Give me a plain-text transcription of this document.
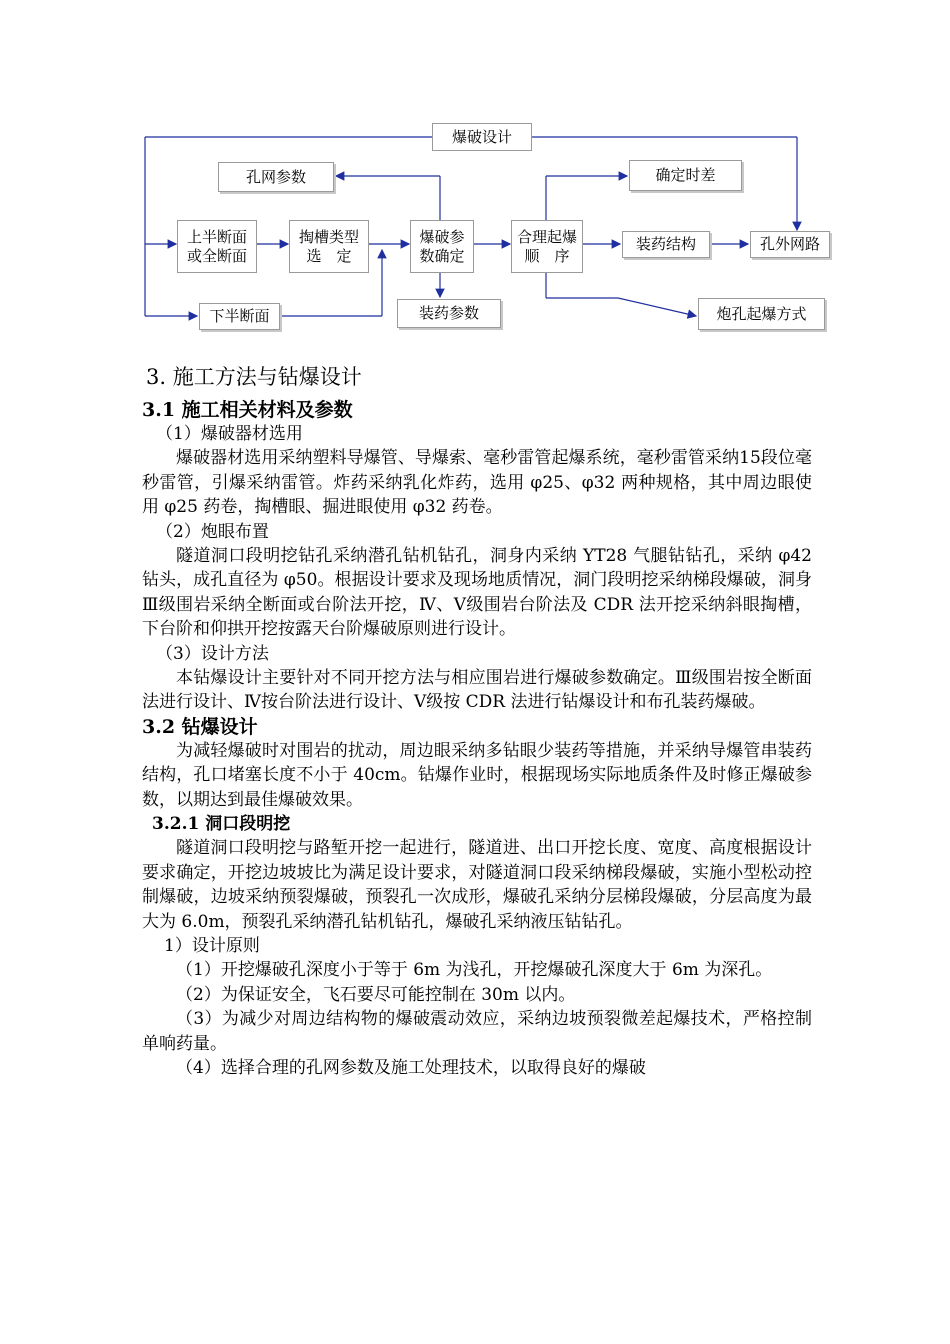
爆破设计
孔网参数
上半断面
或全断面
掏槽类型
选　定
爆破参
数确定
合理起爆
顺　序
确定时差
装药结构	孔外网路
下半断面	装药参数	炮孔起爆方式
3. 施工方法与钻爆设计
3.1 施工相关材料及参数
（1）爆破器材选用

爆破器材选用采纳塑料导爆管、导爆索、毫秒雷管起爆系统，毫秒雷管采纳15段位毫秒雷管，引爆采纳雷管。炸药采纳乳化炸药，选用 φ25、φ32 两种规格，其中周边眼使用 φ25 药卷，掏槽眼、掘进眼使用 φ32 药卷。

（2）炮眼布置

隧道洞口段明挖钻孔采纳潜孔钻机钻孔，洞身内采纳 YT28 气腿钻钻孔，采纳 φ42 钻头，成孔直径为 φ50。根据设计要求及现场地质情况，洞门段明挖采纳梯段爆破，洞身Ⅲ级围岩采纳全断面或台阶法开挖，Ⅳ、Ⅴ级围岩台阶法及 CDR 法开挖采纳斜眼掏槽，下台阶和仰拱开挖按露天台阶爆破原则进行设计。

（3）设计方法

本钻爆设计主要针对不同开挖方法与相应围岩进行爆破参数确定。Ⅲ级围岩按全断面法进行设计、Ⅳ按台阶法进行设计、Ⅴ级按 CDR 法进行钻爆设计和布孔装药爆破。

3.2 钻爆设计

为减轻爆破时对围岩的扰动，周边眼采纳多钻眼少装药等措施，并采纳导爆管串装药结构，孔口堵塞长度不小于 40cm。钻爆作业时，根据现场实际地质条件及时修正爆破参数，以期达到最佳爆破效果。

3.2.1 洞口段明挖

隧道洞口段明挖与路堑开挖一起进行，隧道进、出口开挖长度、宽度、高度根据设计要求确定，开挖边坡坡比为满足设计要求，对隧道洞口段采纳梯段爆破，实施小型松动控制爆破，边坡采纳预裂爆破，预裂孔一次成形，爆破孔采纳分层梯段爆破，分层高度为最大为 6.0m，预裂孔采纳潜孔钻机钻孔，爆破孔采纳液压钻钻孔。

1）设计原则

（1）开挖爆破孔深度小于等于 6m 为浅孔，开挖爆破孔深度大于 6m 为深孔。

（2）为保证安全，飞石要尽可能控制在 30m 以内。

（3）为减少对周边结构物的爆破震动效应，采纳边坡预裂微差起爆技术，严格控制单响药量。

（4）选择合理的孔网参数及施工处理技术，以取得良好的爆破
